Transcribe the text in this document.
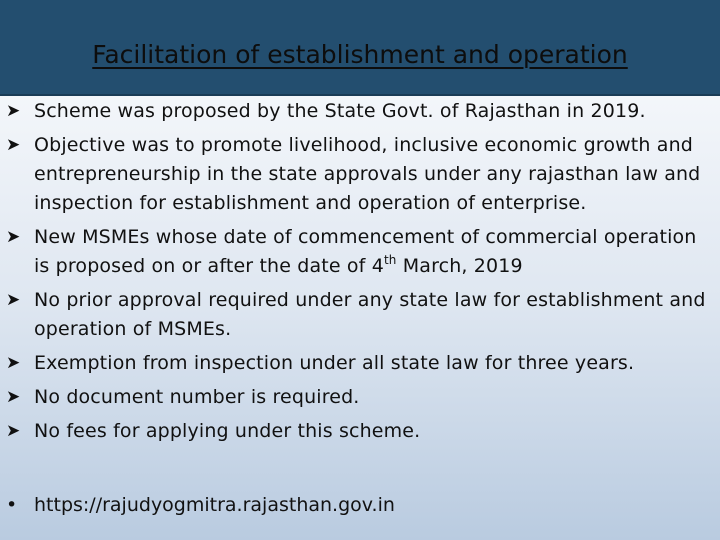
Facilitation of establishment and operation

➤ Scheme was proposed by the State Govt. of Rajasthan in 2019.

➤ Objective was to promote livelihood, inclusive economic growth and entrepreneurship in the state approvals under any rajasthan law and inspection for establishment and operation of enterprise.

➤ New MSMEs whose date of commencement of commercial operation is proposed on or after the date of 4th March, 2019

➤ No prior approval required under any state law for establishment and operation of MSMEs.

➤ Exemption from inspection under all state law for three years.

➤ No document number is required.

➤ No fees for applying under this scheme.

• https://rajudyogmitra.rajasthan.gov.in
